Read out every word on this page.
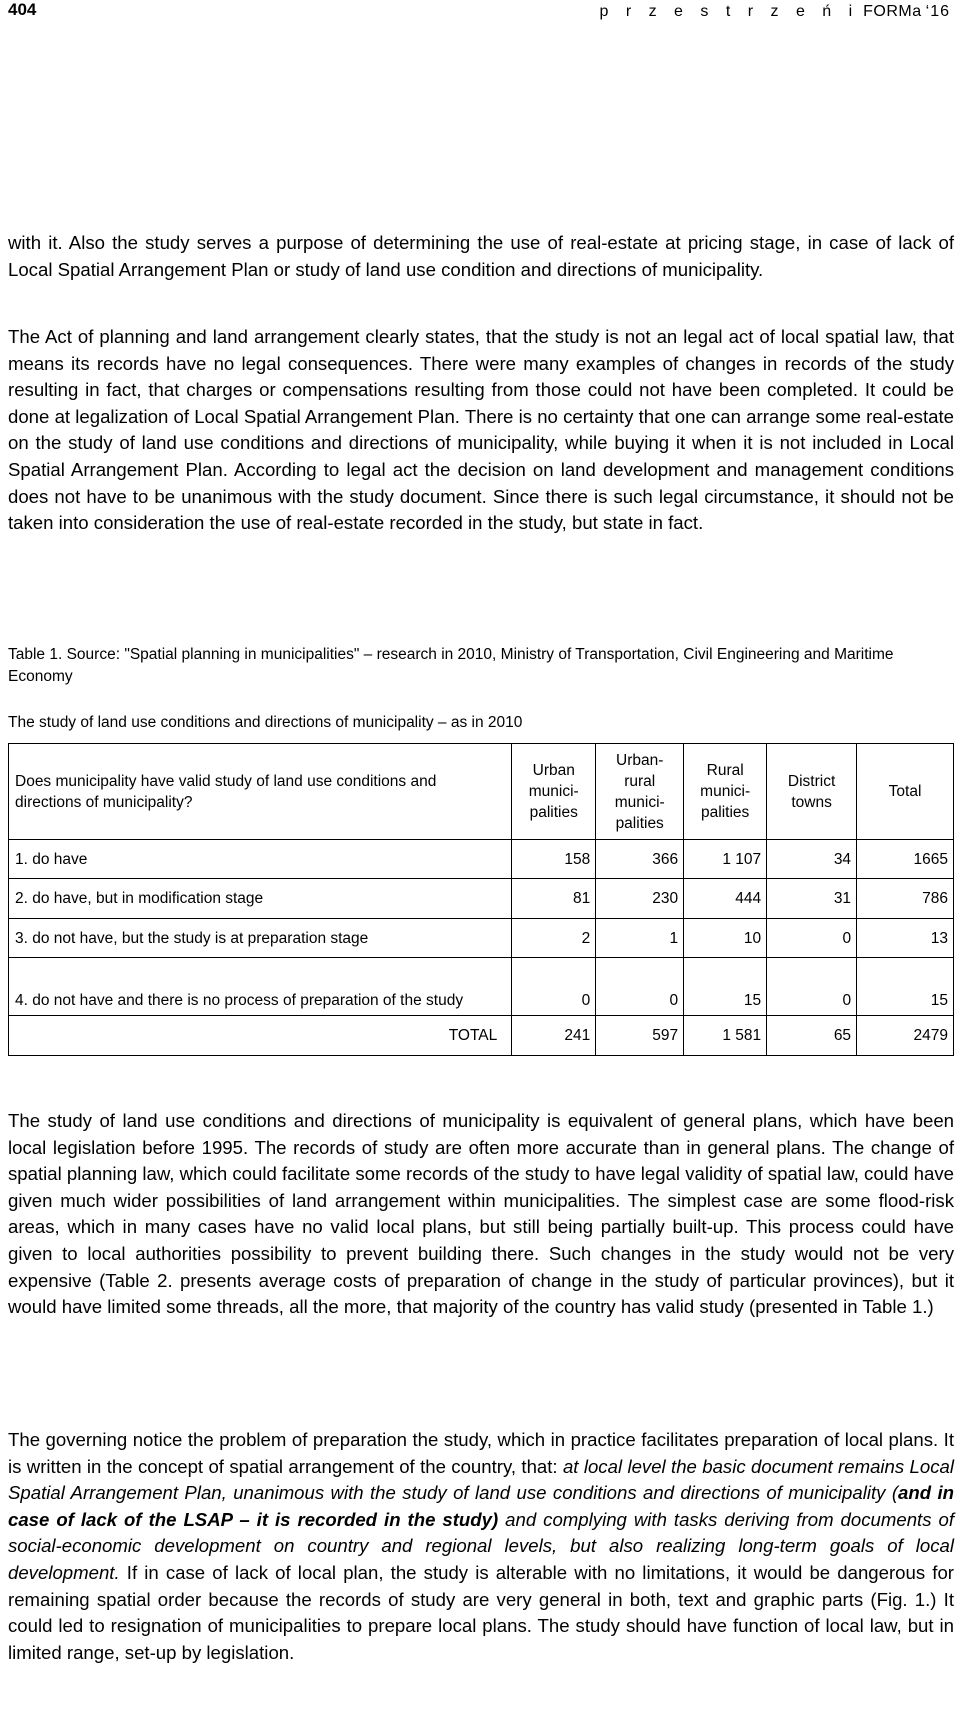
404	p r z e s t r z e ń i FORMa ‘16

with it. Also the study serves a purpose of determining the use of real-estate at pricing stage, in case of lack of Local Spatial Arrangement Plan or study of land use condition and directions of municipality.

The Act of planning and land arrangement clearly states, that the study is not an legal act of local spatial law, that means its records have no legal consequences. There were many examples of changes in records of the study resulting in fact, that charges or compensations resulting from those could not have been completed. It could be done at legalization of Local Spatial Arrangement Plan. There is no certainty that one can arrange some real-estate on the study of land use conditions and directions of municipality, while buying it when it is not included in Local Spatial Arrangement Plan. According to legal act the decision on land development and management conditions does not have to be unanimous with the study document. Since there is such legal circumstance, it should not be taken into consideration the use of real-estate recorded in the study, but state in fact.

Table 1. Source: "Spatial planning in municipalities" – research in 2010, Ministry of Transportation, Civil Engineering and Maritime Economy

The study of land use conditions and directions of municipality – as in 2010

Does municipality have valid study of land use conditions and directions of municipality?	Urban munici-palities	Urban-rural munici-palities	Rural munici-palities	District towns	Total
1. do have	158	366	1 107	34	1665
2. do have, but in modification stage	81	230	444	31	786
3. do not have, but the study is at preparation stage	2	1	10	0	13
4. do not have and there is no process of preparation of the study	0	0	15	0	15
TOTAL	241	597	1 581	65	2479

The study of land use conditions and directions of municipality is equivalent of general plans, which have been local legislation before 1995. The records of study are often more accurate than in general plans. The change of spatial planning law, which could facilitate some records of the study to have legal validity of spatial law, could have given much wider possibilities of land arrangement within municipalities. The simplest case are some flood-risk areas, which in many cases have no valid local plans, but still being partially built-up. This process could have given to local authorities possibility to prevent building there. Such changes in the study would not be very expensive (Table 2. presents average costs of preparation of change in the study of particular provinces), but it would have limited some threads, all the more, that majority of the country has valid study (presented in Table 1.)

The governing notice the problem of preparation the study, which in practice facilitates preparation of local plans. It is written in the concept of spatial arrangement of the country, that: at local level the basic document remains Local Spatial Arrangement Plan, unanimous with the study of land use conditions and directions of municipality (and in case of lack of the LSAP – it is recorded in the study) and complying with tasks deriving from documents of social-economic development on country and regional levels, but also realizing long-term goals of local development. If in case of lack of local plan, the study is alterable with no limitations, it would be dangerous for remaining spatial order because the records of study are very general in both, text and graphic parts (Fig. 1.) It could led to resignation of municipalities to prepare local plans. The study should have function of local law, but in limited range, set-up by legislation.
